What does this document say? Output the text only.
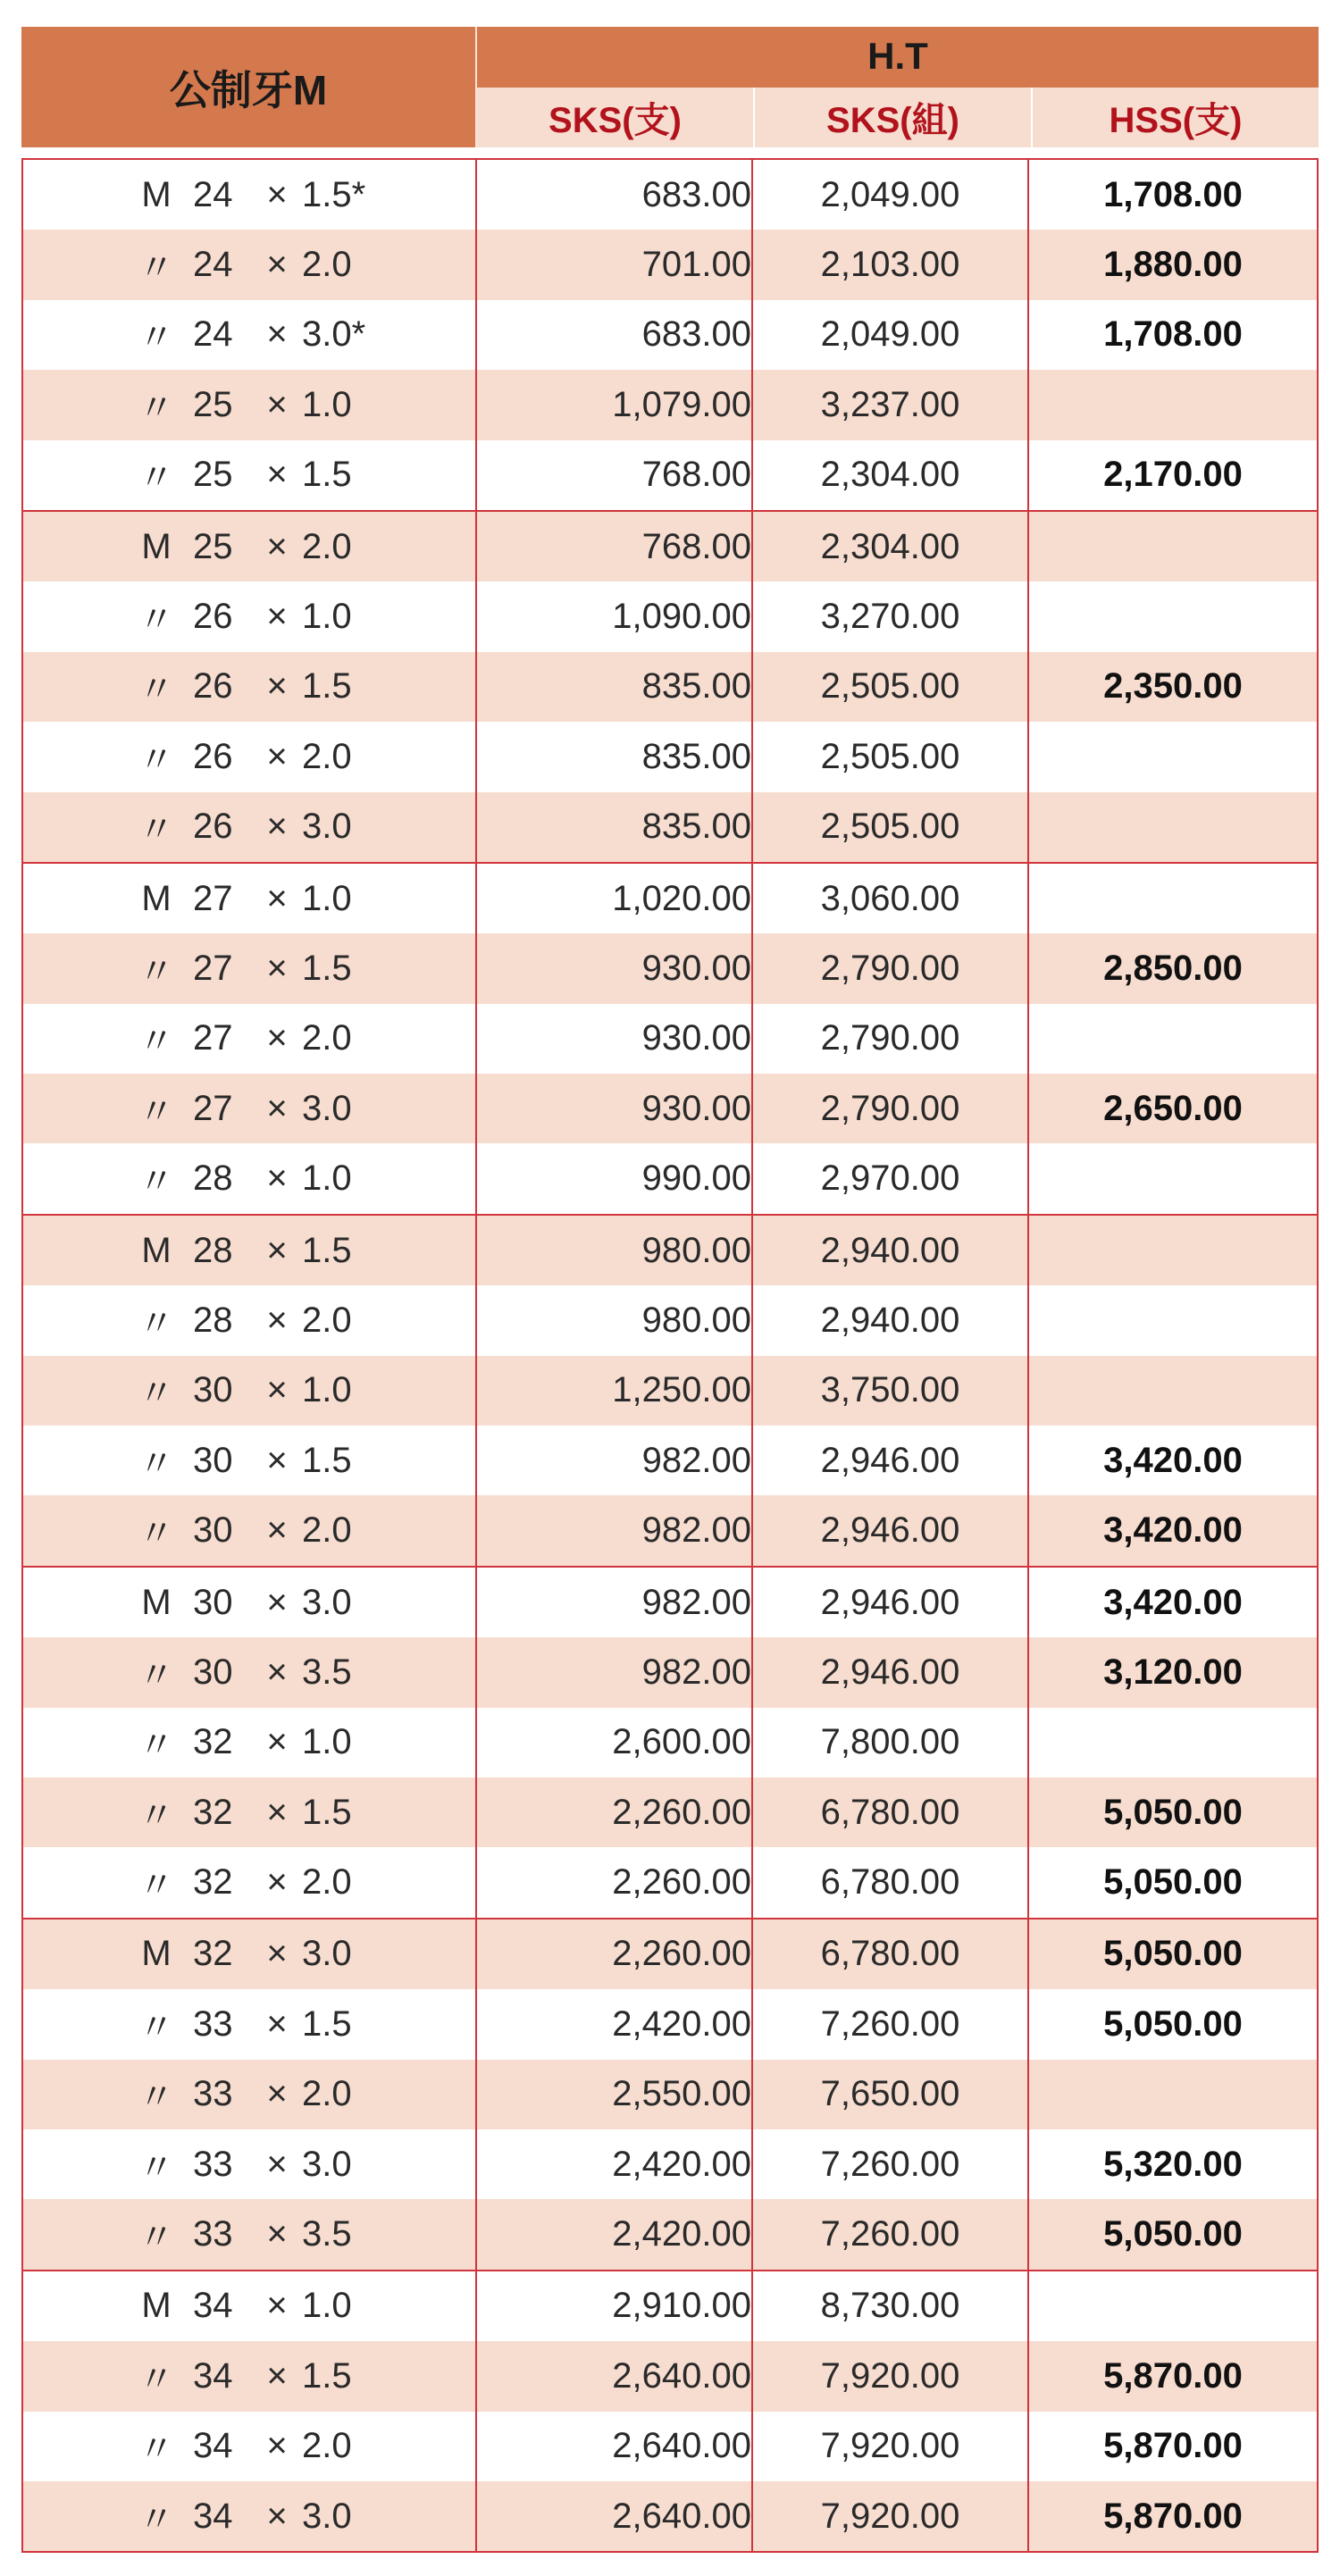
公制牙M
H.T
SKS(支)	SKS(組)	HSS(支)
M 24 × 1.5*	683.00	2,049.00	1,708.00
〃 24 × 2.0	701.00	2,103.00	1,880.00
〃 24 × 3.0*	683.00	2,049.00	1,708.00
〃 25 × 1.0	1,079.00	3,237.00
〃 25 × 1.5	768.00	2,304.00	2,170.00
M 25 × 2.0	768.00	2,304.00
〃 26 × 1.0	1,090.00	3,270.00
〃 26 × 1.5	835.00	2,505.00	2,350.00
〃 26 × 2.0	835.00	2,505.00
〃 26 × 3.0	835.00	2,505.00
M 27 × 1.0	1,020.00	3,060.00
〃 27 × 1.5	930.00	2,790.00	2,850.00
〃 27 × 2.0	930.00	2,790.00
〃 27 × 3.0	930.00	2,790.00	2,650.00
〃 28 × 1.0	990.00	2,970.00
M 28 × 1.5	980.00	2,940.00
〃 28 × 2.0	980.00	2,940.00
〃 30 × 1.0	1,250.00	3,750.00
〃 30 × 1.5	982.00	2,946.00	3,420.00
〃 30 × 2.0	982.00	2,946.00	3,420.00
M 30 × 3.0	982.00	2,946.00	3,420.00
〃 30 × 3.5	982.00	2,946.00	3,120.00
〃 32 × 1.0	2,600.00	7,800.00
〃 32 × 1.5	2,260.00	6,780.00	5,050.00
〃 32 × 2.0	2,260.00	6,780.00	5,050.00
M 32 × 3.0	2,260.00	6,780.00	5,050.00
〃 33 × 1.5	2,420.00	7,260.00	5,050.00
〃 33 × 2.0	2,550.00	7,650.00
〃 33 × 3.0	2,420.00	7,260.00	5,320.00
〃 33 × 3.5	2,420.00	7,260.00	5,050.00
M 34 × 1.0	2,910.00	8,730.00
〃 34 × 1.5	2,640.00	7,920.00	5,870.00
〃 34 × 2.0	2,640.00	7,920.00	5,870.00
〃 34 × 3.0	2,640.00	7,920.00	5,870.00
